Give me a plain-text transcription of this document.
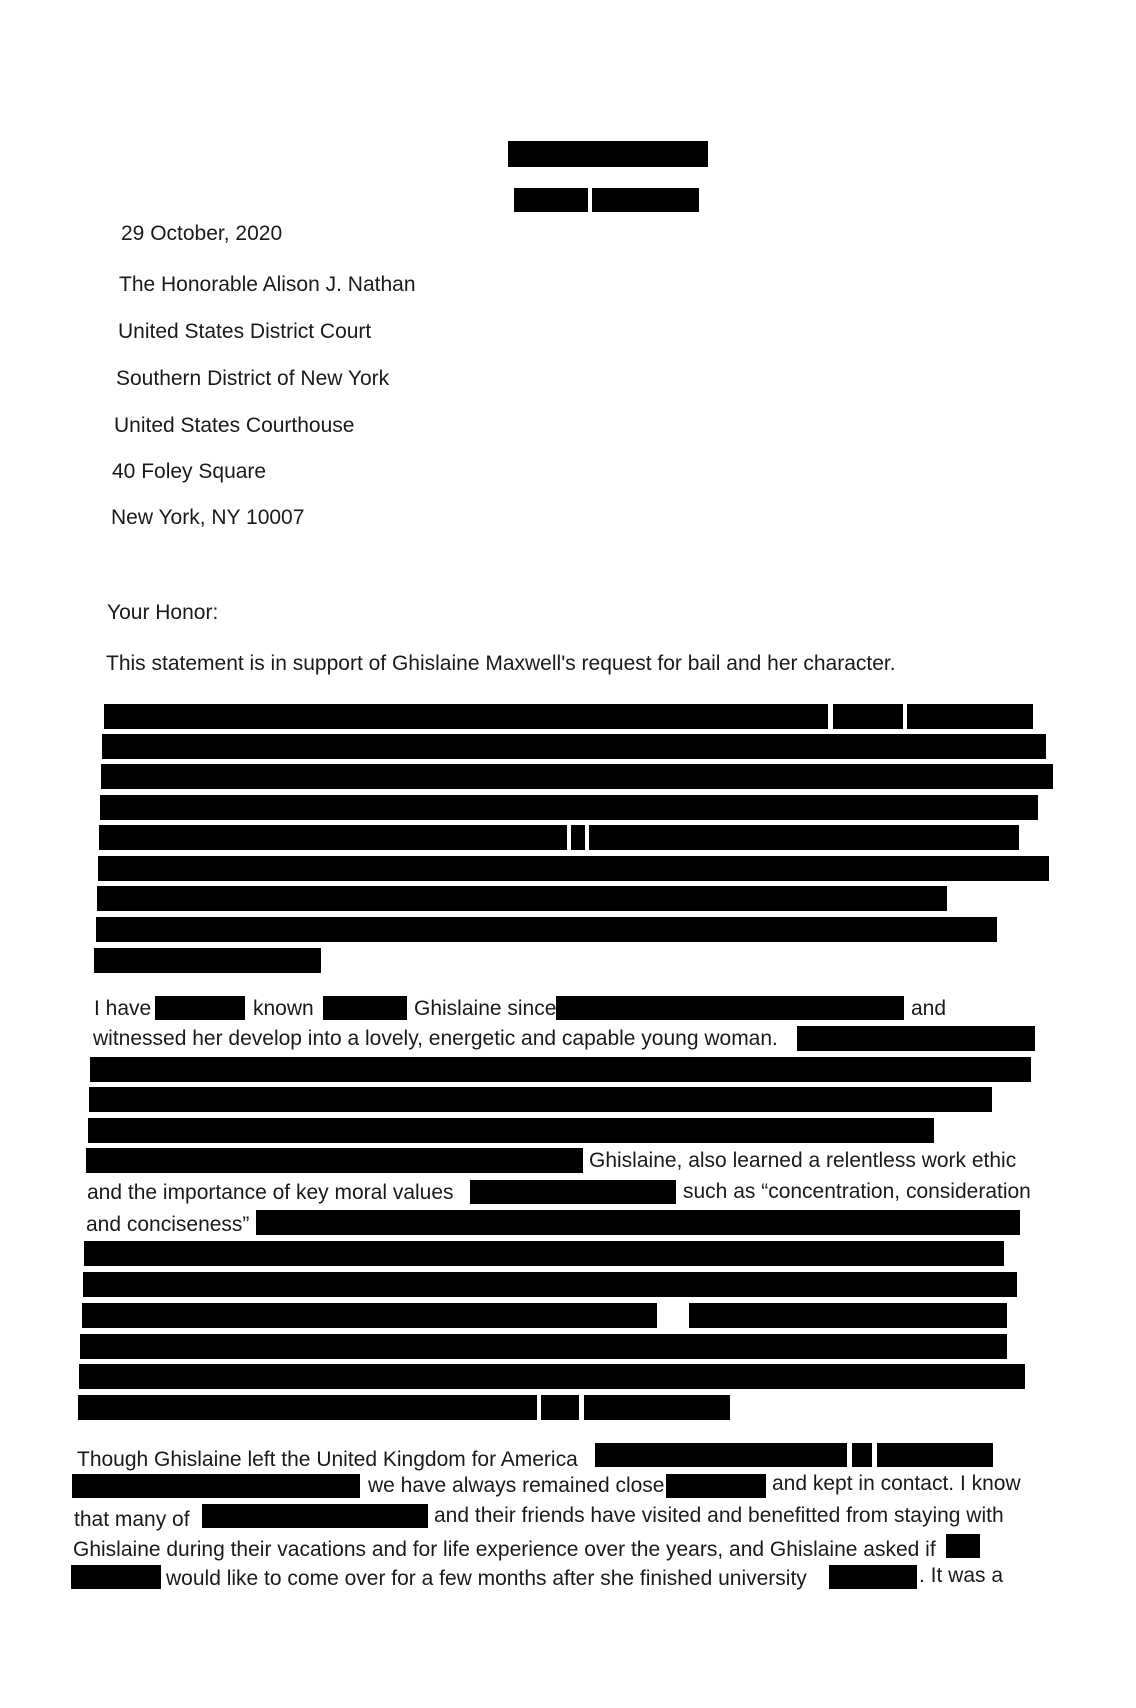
29 October, 2020
The Honorable Alison J. Nathan
United States District Court
Southern District of New York
United States Courthouse
40 Foley Square
New York, NY 10007
Your Honor:
This statement is in support of Ghislaine Maxwell's request for bail and her character.
I have	known	Ghislaine since	and
witnessed her develop into a lovely, energetic and capable young woman.
Ghislaine, also learned a relentless work ethic
and the importance of key moral values	such as “concentration, consideration
and conciseness”
Though Ghislaine left the United Kingdom for America
we have always remained close	and kept in contact. I know
that many of	and their friends have visited and benefitted from staying with
Ghislaine during their vacations and for life experience over the years, and Ghislaine asked if
would like to come over for a few months after she finished university	. It was a
